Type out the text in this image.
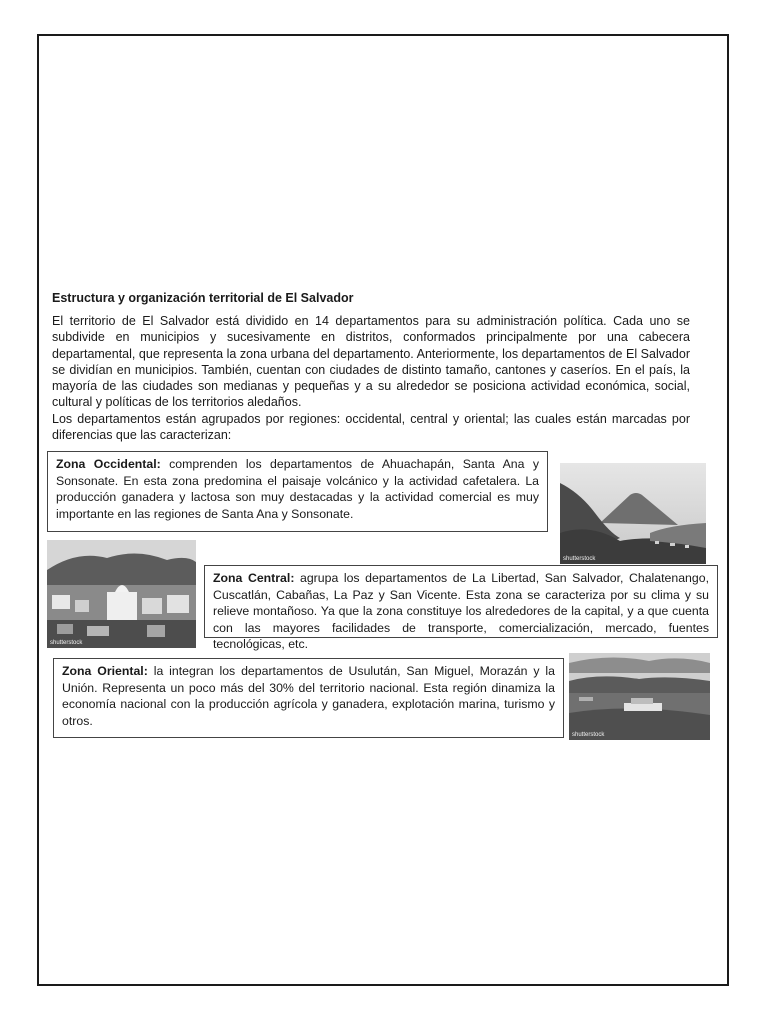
Estructura y organización territorial de El Salvador

El territorio de El Salvador está dividido en 14 departamentos para su administración política. Cada uno se subdivide en municipios y sucesivamente en distritos, conformados principalmente por una cabecera departamental, que representa la zona urbana del departamento. Anteriormente, los departamentos de El Salvador se dividían en municipios. También, cuentan con ciudades de distinto tamaño, cantones y caseríos. En el país, la mayoría de las ciudades son medianas y pequeñas y a su alrededor se posiciona actividad económica, social, cultural y políticas de los territorios aledaños.

Los departamentos están agrupados por regiones: occidental, central y oriental; las cuales están marcadas por diferencias que las caracterizan:

Zona Occidental: comprenden los departamentos de Ahuachapán, Santa Ana y Sonsonate. En esta zona predomina el paisaje volcánico y la actividad cafetalera. La producción ganadera y lactosa son muy destacadas y la actividad comercial es muy importante en las regiones de Santa Ana y Sonsonate.
shutterstock
shutterstock
Zona Central: agrupa los departamentos de La Libertad, San Salvador, Chalatenango, Cuscatlán, Cabañas, La Paz y San Vicente. Esta zona se caracteriza por su clima y su relieve montañoso. Ya que la zona constituye los alrededores de la capital, y a que cuenta con las mayores facilidades de transporte, comercialización, mercado, fuentes tecnológicas, etc.
Zona Oriental: la integran los departamentos de Usulután, San Miguel, Morazán y la Unión. Representa un poco más del 30% del territorio nacional. Esta región dinamiza la economía nacional con la producción agrícola y ganadera, explotación marina, turismo y otros.
shutterstock
